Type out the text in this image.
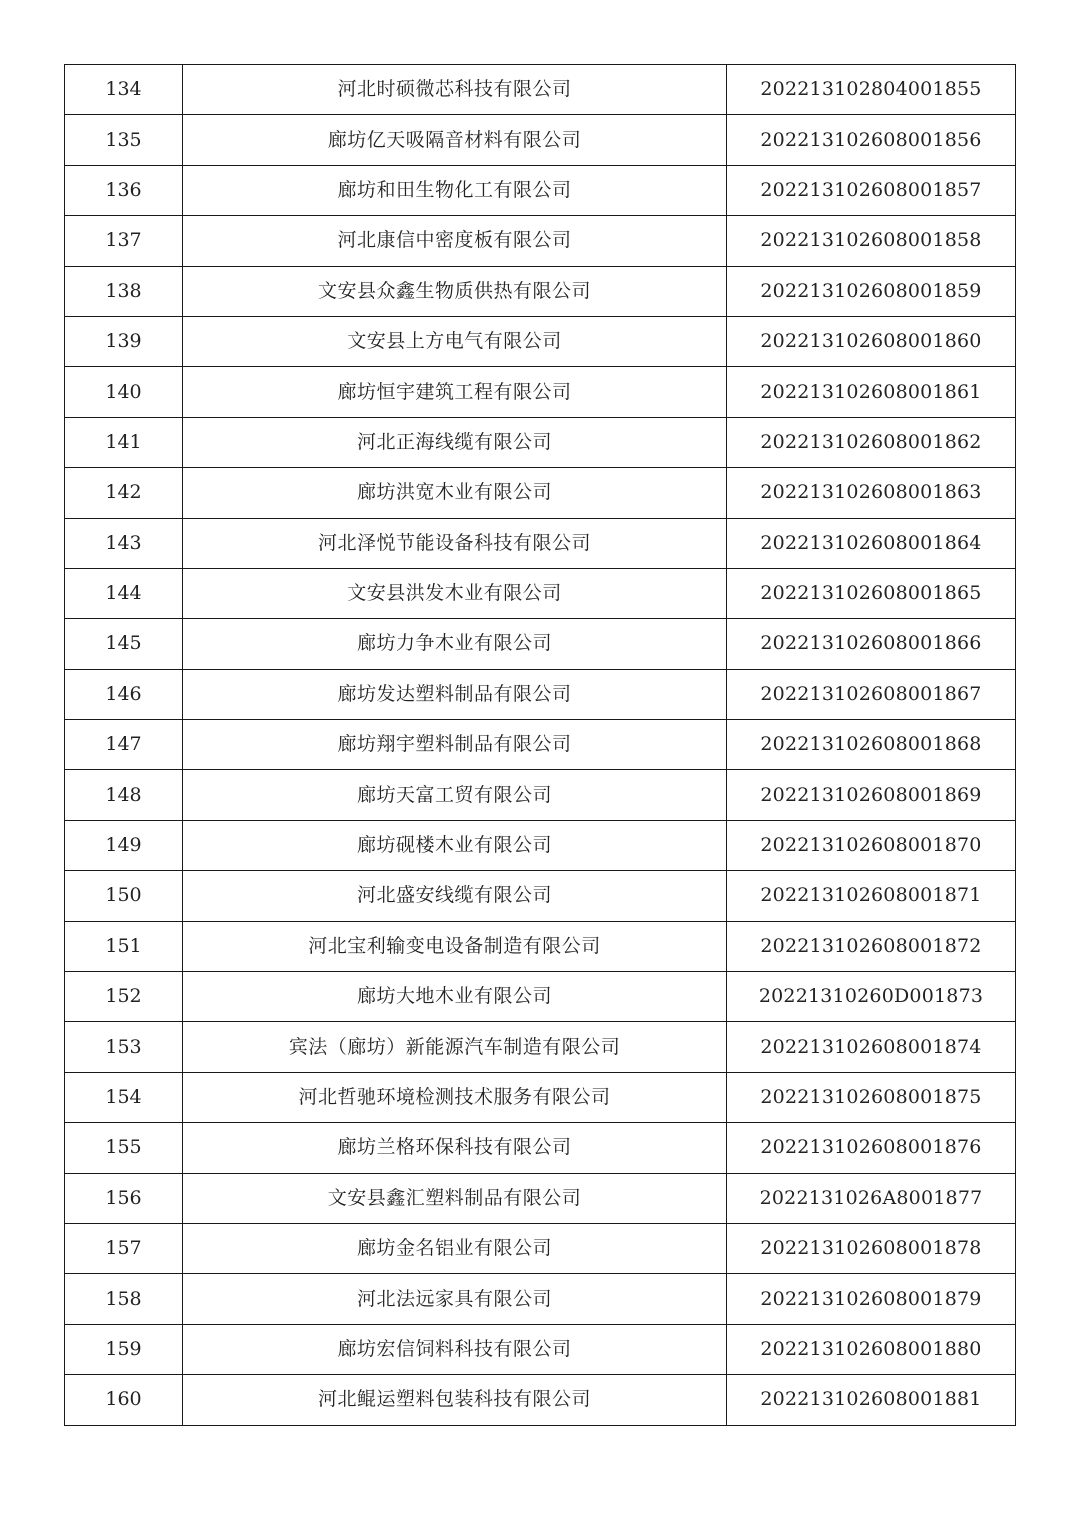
134	河北时硕微芯科技有限公司	202213102804001855
135	廊坊亿天吸隔音材料有限公司	202213102608001856
136	廊坊和田生物化工有限公司	202213102608001857
137	河北康信中密度板有限公司	202213102608001858
138	文安县众鑫生物质供热有限公司	202213102608001859
139	文安县上方电气有限公司	202213102608001860
140	廊坊恒宇建筑工程有限公司	202213102608001861
141	河北正海线缆有限公司	202213102608001862
142	廊坊洪宽木业有限公司	202213102608001863
143	河北泽悦节能设备科技有限公司	202213102608001864
144	文安县洪发木业有限公司	202213102608001865
145	廊坊力争木业有限公司	202213102608001866
146	廊坊发达塑料制品有限公司	202213102608001867
147	廊坊翔宇塑料制品有限公司	202213102608001868
148	廊坊天富工贸有限公司	202213102608001869
149	廊坊砚楼木业有限公司	202213102608001870
150	河北盛安线缆有限公司	202213102608001871
151	河北宝利输变电设备制造有限公司	202213102608001872
152	廊坊大地木业有限公司	20221310260D001873
153	宾法（廊坊）新能源汽车制造有限公司	202213102608001874
154	河北哲驰环境检测技术服务有限公司	202213102608001875
155	廊坊兰格环保科技有限公司	202213102608001876
156	文安县鑫汇塑料制品有限公司	2022131026A8001877
157	廊坊金名铝业有限公司	202213102608001878
158	河北法远家具有限公司	202213102608001879
159	廊坊宏信饲料科技有限公司	202213102608001880
160	河北鲲运塑料包装科技有限公司	202213102608001881
